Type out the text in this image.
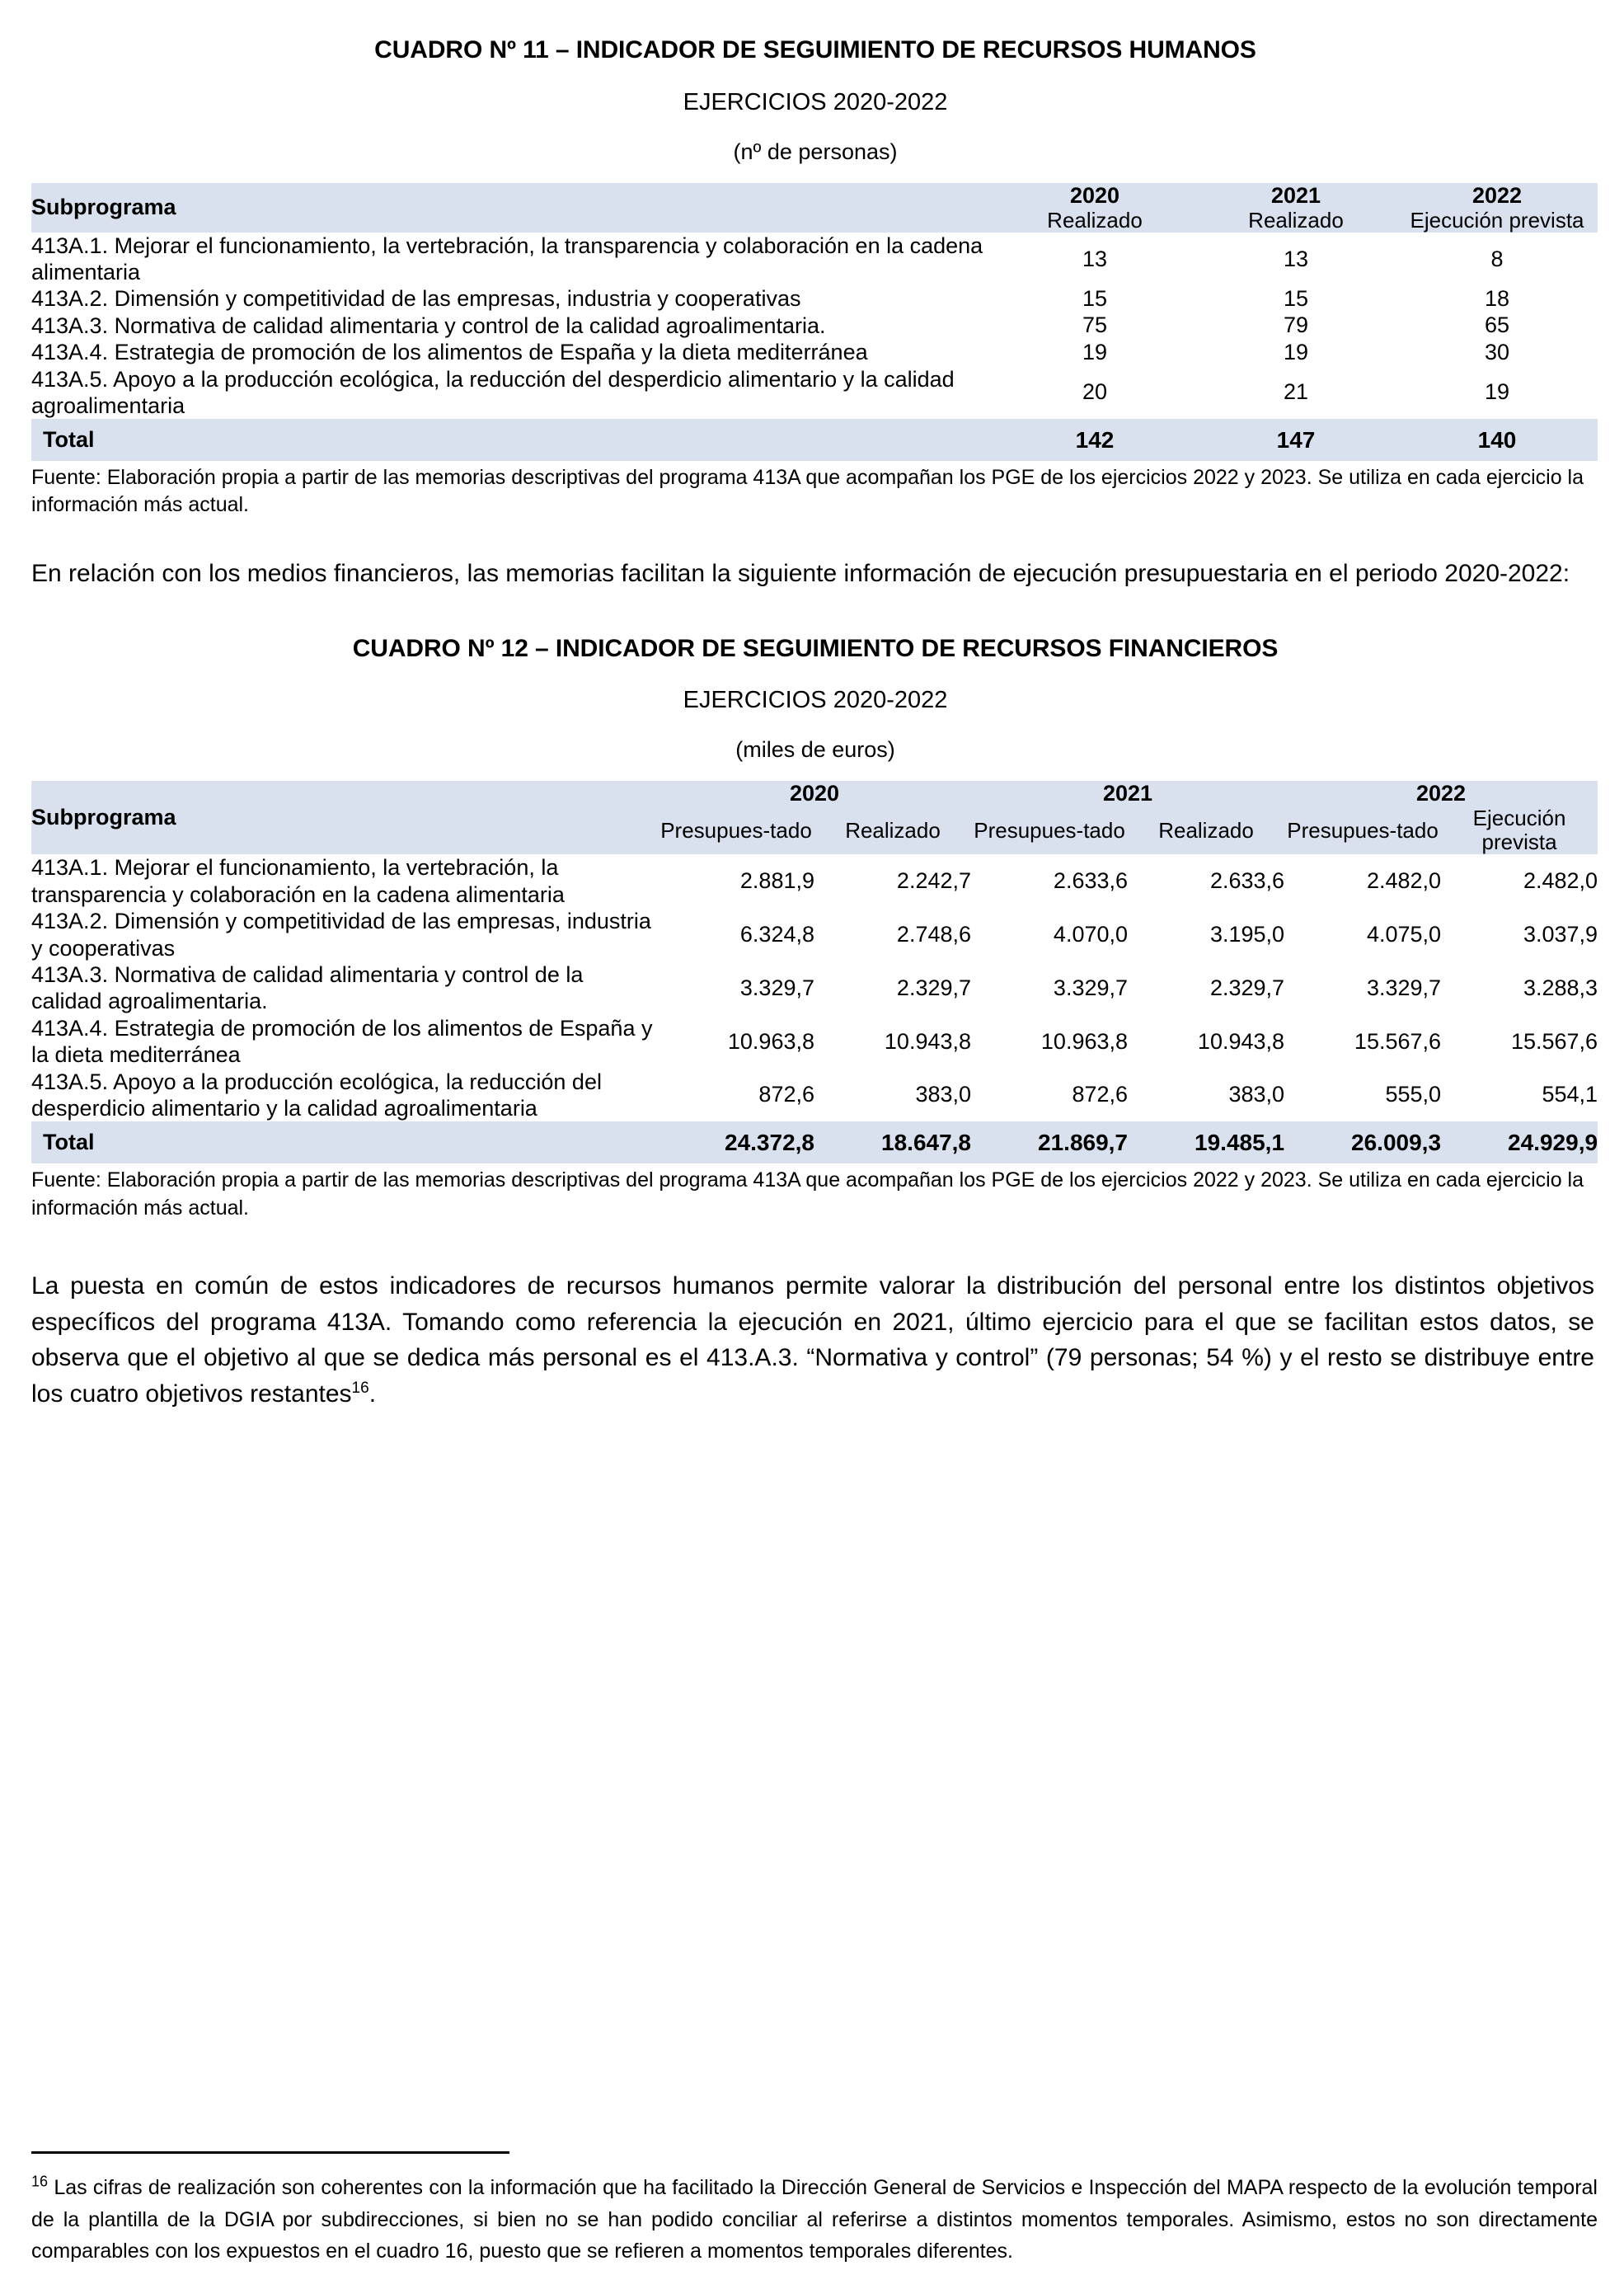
CUADRO Nº 11 – INDICADOR DE SEGUIMIENTO DE RECURSOS HUMANOS
EJERCICIOS 2020-2022
(nº de personas)
Subprograma	2020	2021	2022
	Realizado	Realizado	Ejecución prevista
413A.1. Mejorar el funcionamiento, la vertebración, la transparencia y colaboración en la cadena alimentaria	13	13	8
413A.2. Dimensión y competitividad de las empresas, industria y cooperativas	15	15	18
413A.3. Normativa de calidad alimentaria y control de la calidad agroalimentaria.	75	79	65
413A.4. Estrategia de promoción de los alimentos de España y la dieta mediterránea	19	19	30
413A.5. Apoyo a la producción ecológica, la reducción del desperdicio alimentario y la calidad agroalimentaria	20	21	19
Total	142	147	140

Fuente: Elaboración propia a partir de las memorias descriptivas del programa 413A que acompañan los PGE de los ejercicios 2022 y 2023. Se utiliza en cada ejercicio la información más actual.

En relación con los medios financieros, las memorias facilitan la siguiente información de ejecución presupuestaria en el periodo 2020-2022:

CUADRO Nº 12 – INDICADOR DE SEGUIMIENTO DE RECURSOS FINANCIEROS
EJERCICIOS 2020-2022
(miles de euros)
Subprograma	2020		2021		2022	
	Presupues-tado	Realizado	Presupues-tado	Realizado	Presupues-tado	Ejecución prevista
413A.1. Mejorar el funcionamiento, la vertebración, la transparencia y colaboración en la cadena alimentaria	2.881,9	2.242,7	2.633,6	2.633,6	2.482,0	2.482,0
413A.2. Dimensión y competitividad de las empresas, industria y cooperativas	6.324,8	2.748,6	4.070,0	3.195,0	4.075,0	3.037,9
413A.3. Normativa de calidad alimentaria y control de la calidad agroalimentaria.	3.329,7	2.329,7	3.329,7	2.329,7	3.329,7	3.288,3
413A.4. Estrategia de promoción de los alimentos de España y la dieta mediterránea	10.963,8	10.943,8	10.963,8	10.943,8	15.567,6	15.567,6
413A.5. Apoyo a la producción ecológica, la reducción del desperdicio alimentario y la calidad agroalimentaria	872,6	383,0	872,6	383,0	555,0	554,1
Total	24.372,8	18.647,8	21.869,7	19.485,1	26.009,3	24.929,9

Fuente: Elaboración propia a partir de las memorias descriptivas del programa 413A que acompañan los PGE de los ejercicios 2022 y 2023. Se utiliza en cada ejercicio la información más actual.

La puesta en común de estos indicadores de recursos humanos permite valorar la distribución del personal entre los distintos objetivos específicos del programa 413A. Tomando como referencia la ejecución en 2021, último ejercicio para el que se facilitan estos datos, se observa que el objetivo al que se dedica más personal es el 413.A.3. “Normativa y control” (79 personas; 54 %) y el resto se distribuye entre los cuatro objetivos restantes$^{16}$.

$^{16}$ Las cifras de realización son coherentes con la información que ha facilitado la Dirección General de Servicios e Inspección del MAPA respecto de la evolución temporal de la plantilla de la DGIA por subdirecciones, si bien no se han podido conciliar al referirse a distintos momentos temporales. Asimismo, estos no son directamente comparables con los expuestos en el cuadro 16, puesto que se refieren a momentos temporales diferentes.
